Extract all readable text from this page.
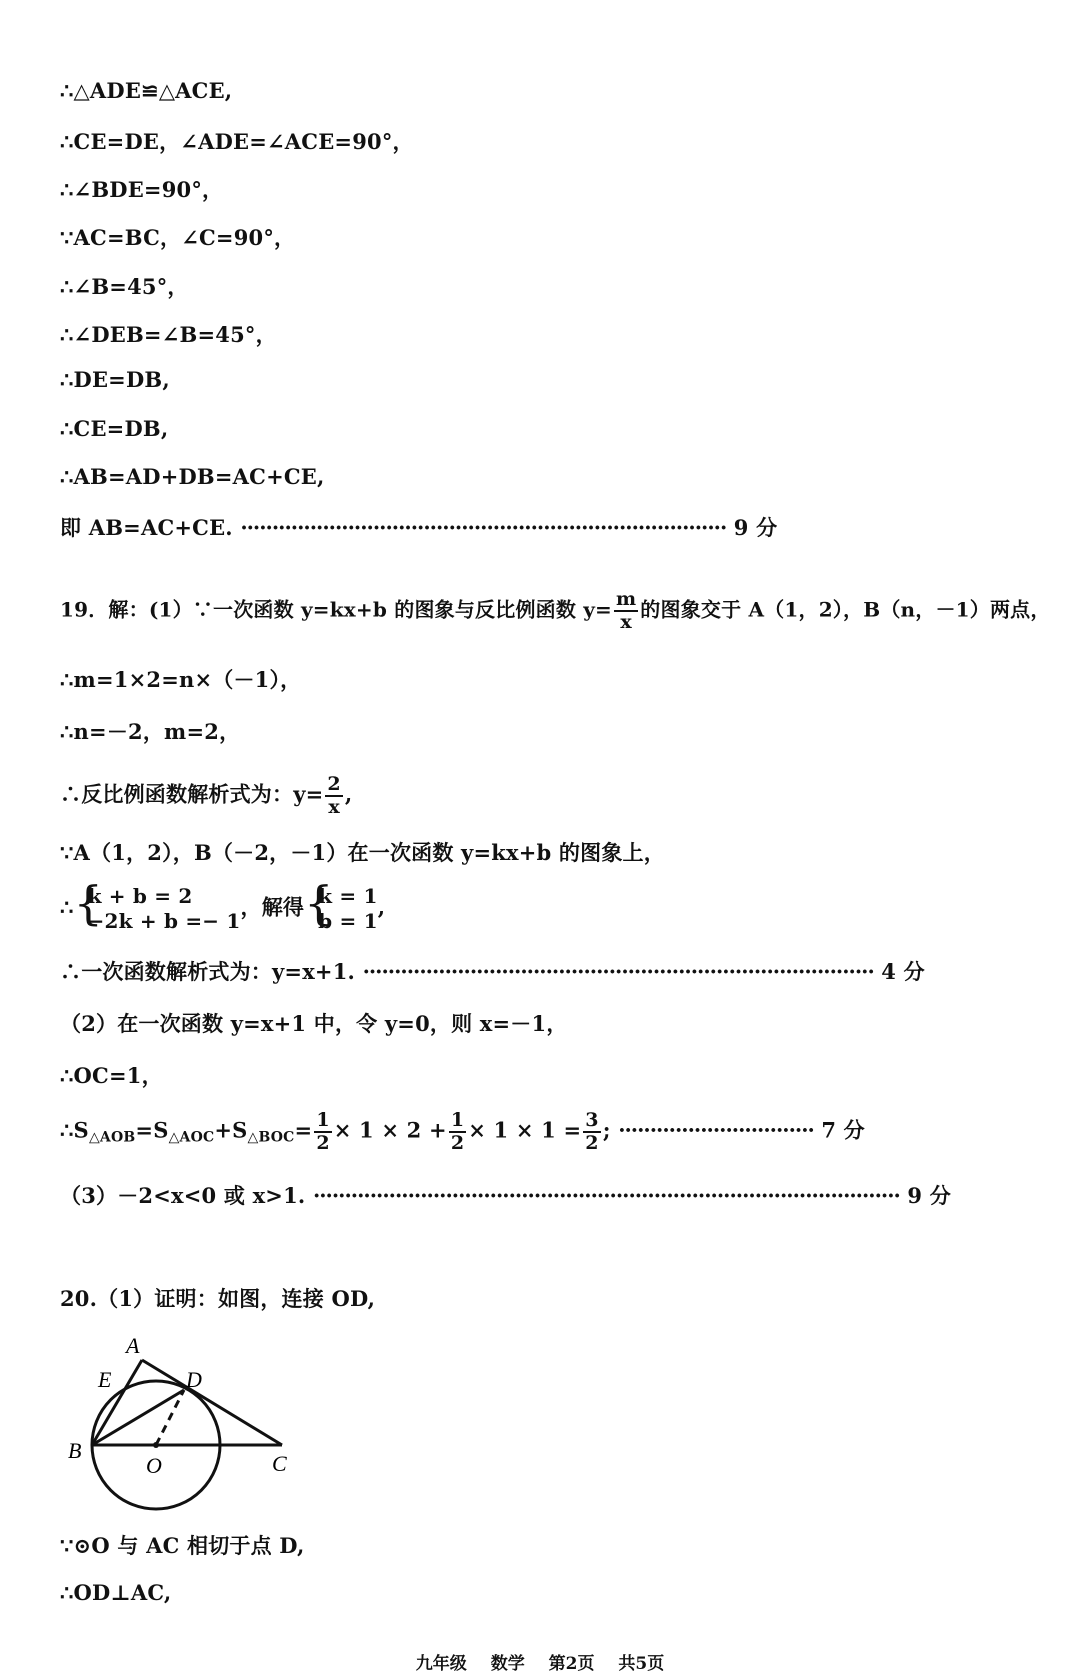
∴△ADE≌△ACE,
∴CE=DE，∠ADE=∠ACE=90°，
∴∠BDE=90°，
∵AC=BC，∠C=90°，
∴∠B=45°，
∴∠DEB=∠B=45°，
∴DE=DB,
∴CE=DB,
∴AB=AD+DB=AC+CE,
即 AB=AC+CE. ············································································· 9 分
19．解：(1）∵一次函数 y=kx+b 的图象与反比例函数 $y= \frac{m}{x}$ 的图象交于 A（1，2），B（n，－1）两点，
∴m=1×2=n×（－1），
∴n=－2，m=2，
∴反比例函数解析式为：$y= \frac{2}{x}$ ,
∵A（1，2），B（－2，－1）在一次函数 y=kx+b 的图象上，
∴ {
k + b = 2
−2k + b =− 1
，解得 {
k = 1
b = 1
,
∴一次函数解析式为：y=x+1. ················································································· 4 分
（2）在一次函数 y=x+1 中，令 y=0，则 x=－1，
∴OC=1，
$\therefore S_{\triangle AOB}=S_{\triangle AOC}+S_{\triangle BOC}= \frac{1}{2} \times 1 \times 2 + \frac{1}{2} \times 1 \times 1 = \frac{3}{2}$ ; ······························· 7 分
（3）－2<x<0 或 x>1. ····························································································· 9 分
20.（1）证明：如图，连接 OD,
A
E	D
B
O	C
∵⊙O 与 AC 相切于点 D,
∴OD⊥AC,
九年级 数学 第2页 共5页
